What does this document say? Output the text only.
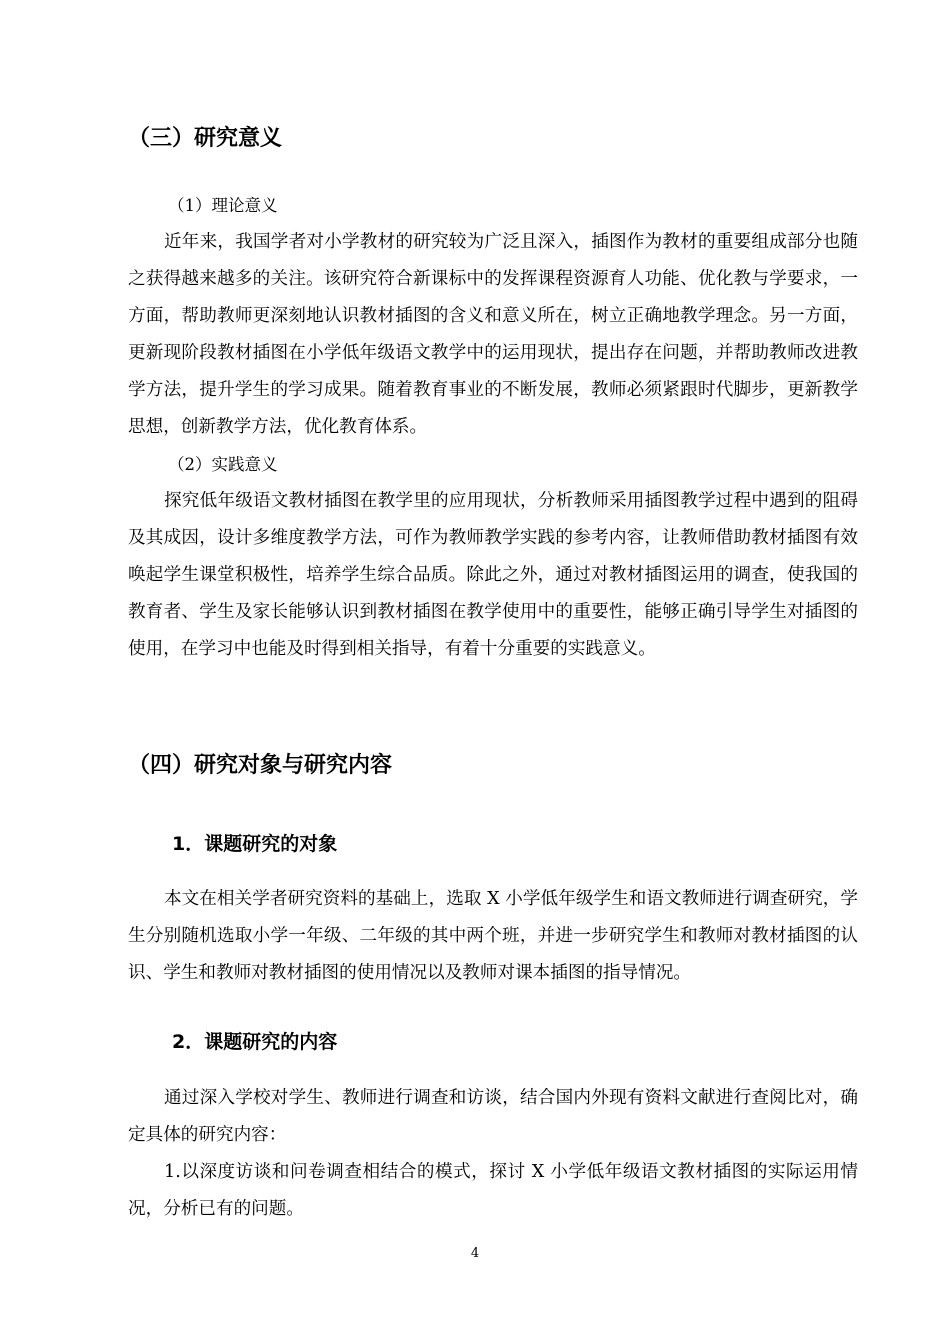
（三）研究意义

（1）理论意义

近年来，我国学者对小学教材的研究较为广泛且深入，插图作为教材的重要组成部分也随之获得越来越多的关注。该研究符合新课标中的发挥课程资源育人功能、优化教与学要求，一方面，帮助教师更深刻地认识教材插图的含义和意义所在，树立正确地教学理念。另一方面，更新现阶段教材插图在小学低年级语文教学中的运用现状，提出存在问题，并帮助教师改进教学方法，提升学生的学习成果。随着教育事业的不断发展，教师必须紧跟时代脚步，更新教学思想，创新教学方法，优化教育体系。

（2）实践意义

探究低年级语文教材插图在教学里的应用现状，分析教师采用插图教学过程中遇到的阻碍及其成因，设计多维度教学方法，可作为教师教学实践的参考内容，让教师借助教材插图有效唤起学生课堂积极性，培养学生综合品质。除此之外，通过对教材插图运用的调查，使我国的教育者、学生及家长能够认识到教材插图在教学使用中的重要性，能够正确引导学生对插图的使用，在学习中也能及时得到相关指导，有着十分重要的实践意义。

（四）研究对象与研究内容
1．课题研究的对象

本文在相关学者研究资料的基础上，选取 X 小学低年级学生和语文教师进行调查研究，学生分别随机选取小学一年级、二年级的其中两个班，并进一步研究学生和教师对教材插图的认识、学生和教师对教材插图的使用情况以及教师对课本插图的指导情况。

2．课题研究的内容

通过深入学校对学生、教师进行调查和访谈，结合国内外现有资料文献进行查阅比对，确定具体的研究内容：

1.以深度访谈和问卷调查相结合的模式，探讨 X 小学低年级语文教材插图的实际运用情况，分析已有的问题。

4
